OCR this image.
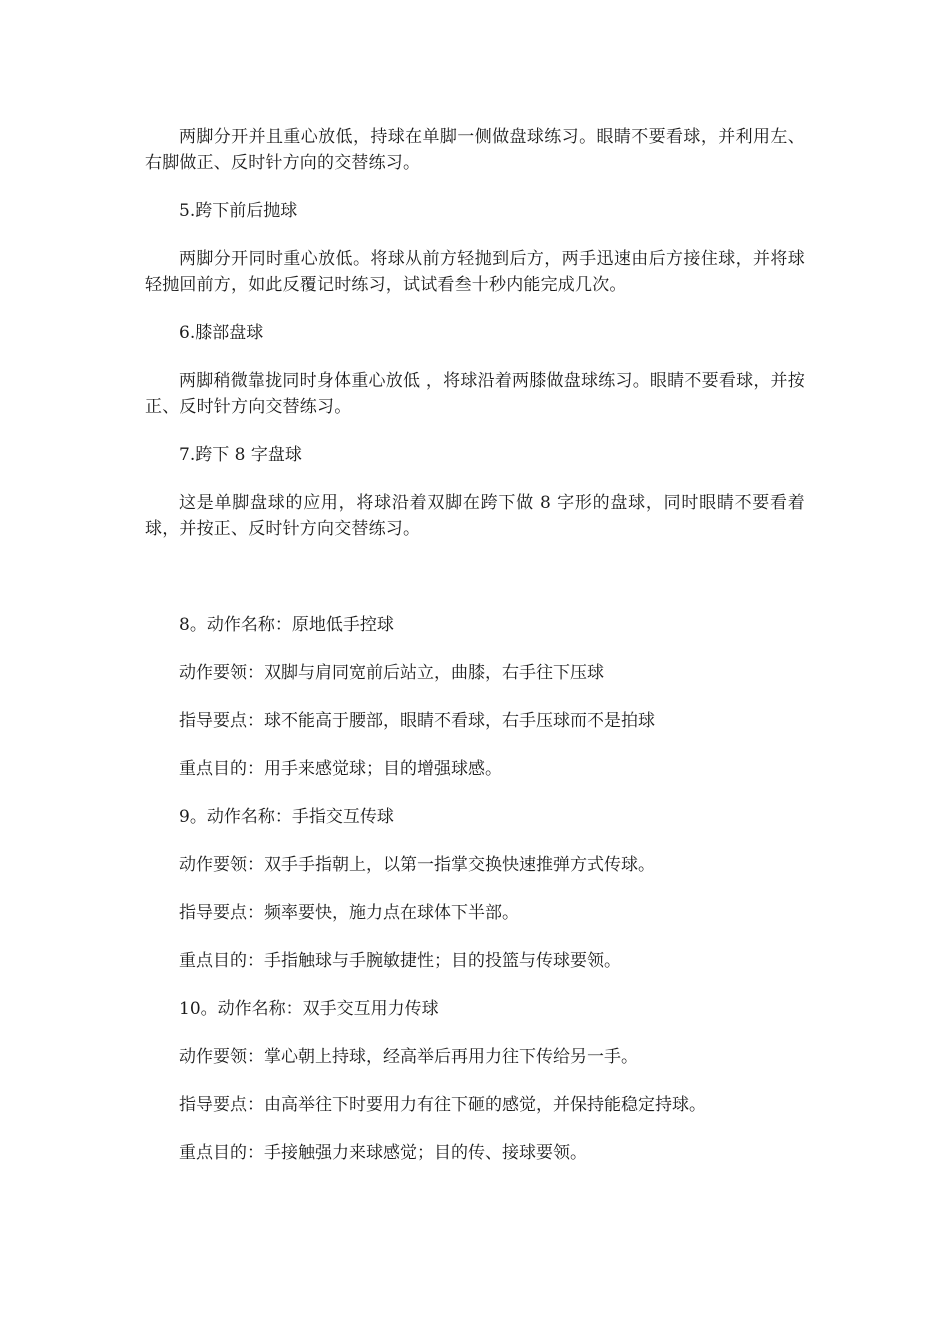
两脚分开并且重心放低，持球在单脚一侧做盘球练习。眼睛不要看球，并利用左、右脚做正、反时针方向的交替练习。

5.跨下前后抛球

两脚分开同时重心放低。将球从前方轻抛到后方，两手迅速由后方接住球，并将球轻抛回前方，如此反覆记时练习，试试看叁十秒内能完成几次。

6.膝部盘球

两脚稍微靠拢同时身体重心放低 ，将球沿着两膝做盘球练习。眼睛不要看球，并按正、反时针方向交替练习。

7.跨下 8 字盘球

这是单脚盘球的应用，将球沿着双脚在跨下做 8 字形的盘球，同时眼睛不要看着球，并按正、反时针方向交替练习。

8。动作名称：原地低手控球

动作要领：双脚与肩同宽前后站立，曲膝，右手往下压球

指导要点：球不能高于腰部，眼睛不看球，右手压球而不是拍球

重点目的：用手来感觉球；目的增强球感。

9。动作名称：手指交互传球

动作要领：双手手指朝上，以第一指掌交换快速推弹方式传球。

指导要点：频率要快，施力点在球体下半部。

重点目的：手指触球与手腕敏捷性；目的投篮与传球要领。

10。动作名称：双手交互用力传球

动作要领：掌心朝上持球，经高举后再用力往下传给另一手。

指导要点：由高举往下时要用力有往下砸的感觉，并保持能稳定持球。

重点目的：手接触强力来球感觉；目的传、接球要领。
